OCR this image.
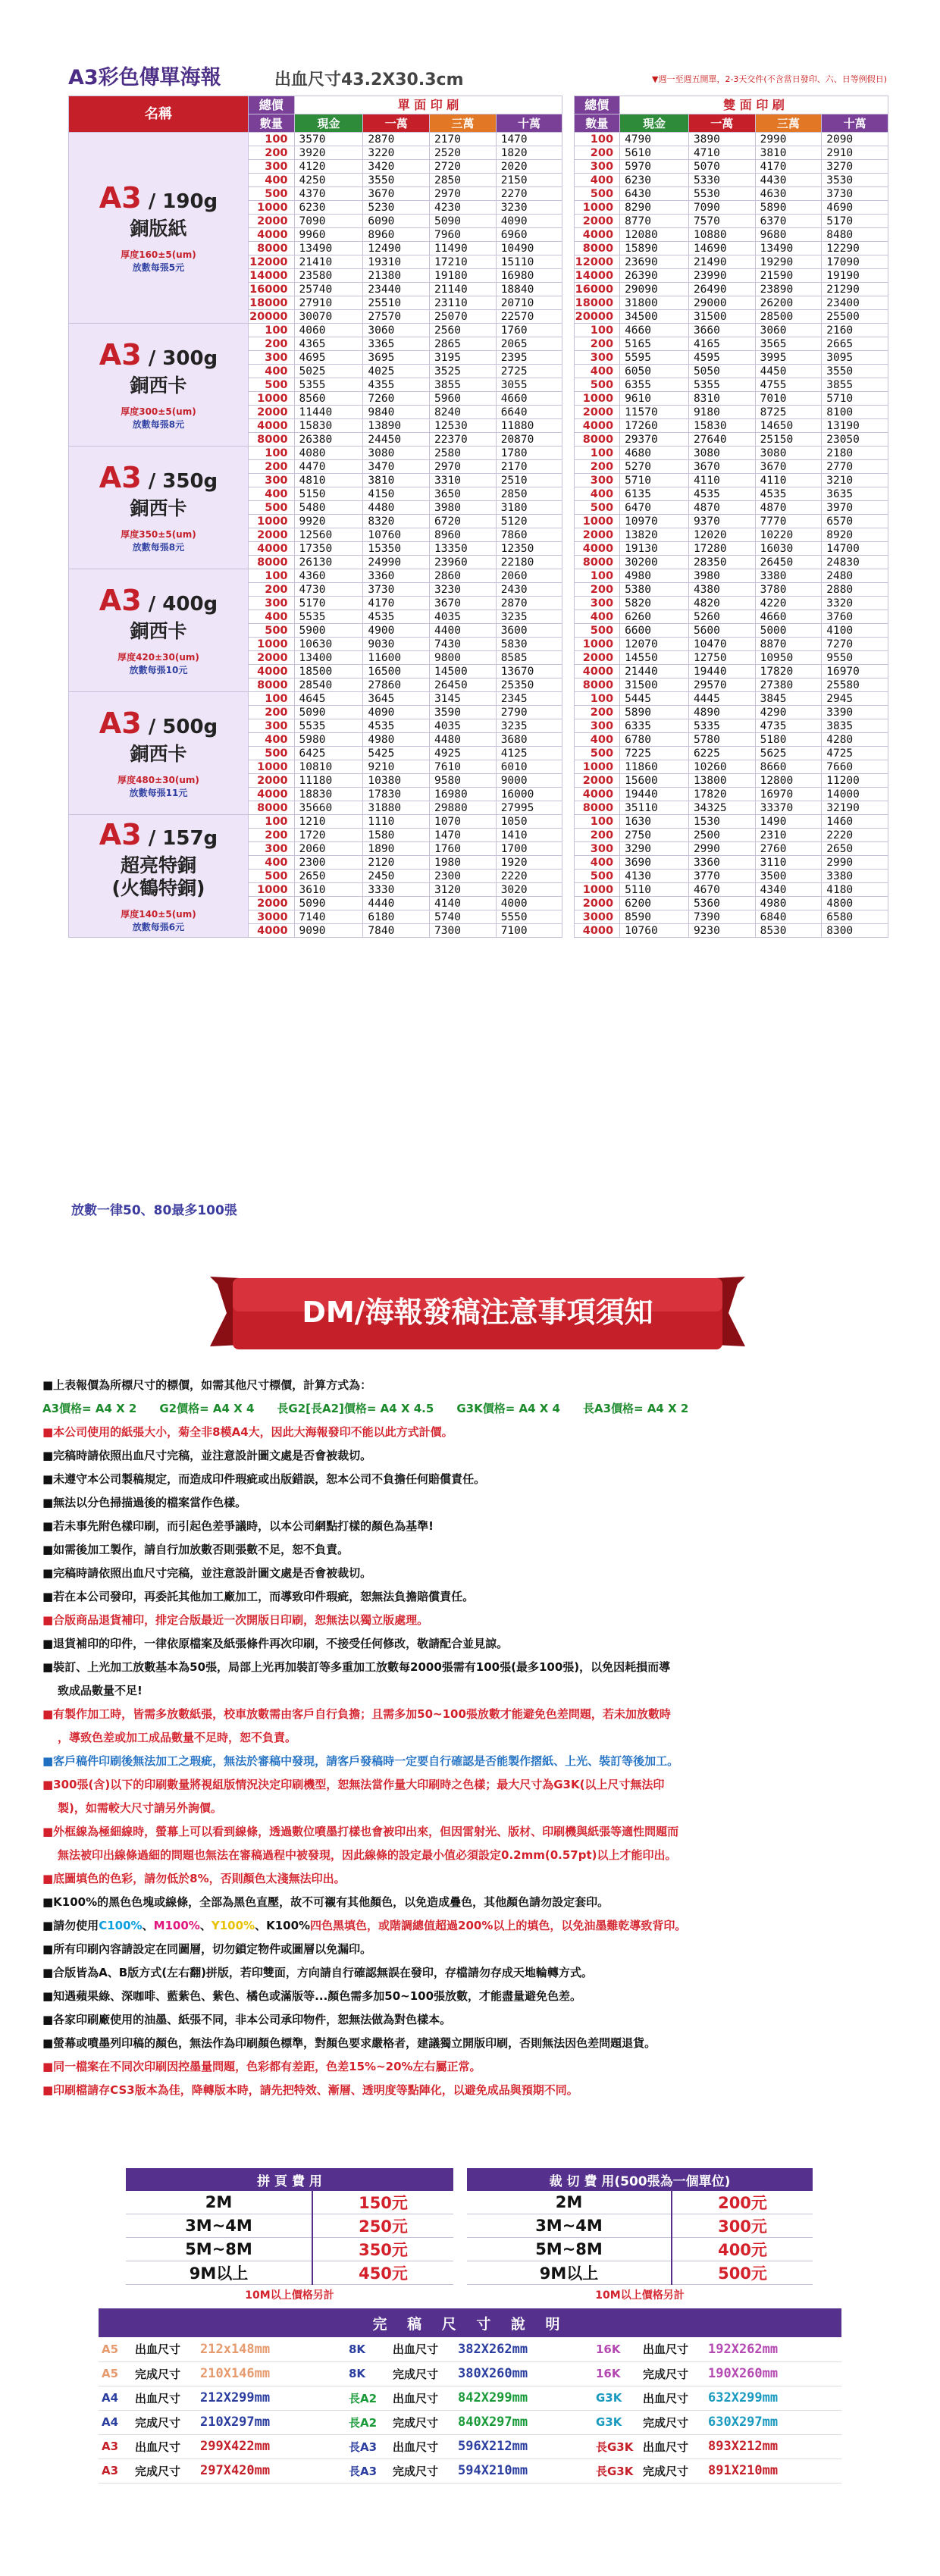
A3彩色傳單海報	出血尺寸43.2X30.3cm	▼週一至週五開單，2-3天交件(不含當日發印、六、日等例假日)
名稱	總價	單 面 印 刷					總價	雙 面 印 刷			
	數量	現金	一萬	三萬	十萬		數量	現金	一萬	三萬	十萬

A3 / 190g
銅版紙
厚度160±5(um)
放數每張5元	100	3570	2870	2170	1470		100	4790	3890	2990	2090
	200	3920	3220	2520	1820		200	5610	4710	3810	2910
	300	4120	3420	2720	2020		300	5970	5070	4170	3270
	400	4250	3550	2850	2150		400	6230	5330	4430	3530
	500	4370	3670	2970	2270		500	6430	5530	4630	3730
	1000	6230	5230	4230	3230		1000	8290	7090	5890	4690
	2000	7090	6090	5090	4090		2000	8770	7570	6370	5170
	4000	9960	8960	7960	6960		4000	12080	10880	9680	8480
	8000	13490	12490	11490	10490		8000	15890	14690	13490	12290
	12000	21410	19310	17210	15110		12000	23690	21490	19290	17090
	14000	23580	21380	19180	16980		14000	26390	23990	21590	19190
	16000	25740	23440	21140	18840		16000	29090	26490	23890	21290
	18000	27910	25510	23110	20710		18000	31800	29000	26200	23400
	20000	30070	27570	25070	22570		20000	34500	31500	28500	25500

A3 / 300g
銅西卡
厚度300±5(um)
放數每張8元	100	4060	3060	2560	1760		100	4660	3660	3060	2160
	200	4365	3365	2865	2065		200	5165	4165	3565	2665
	300	4695	3695	3195	2395		300	5595	4595	3995	3095
	400	5025	4025	3525	2725		400	6050	5050	4450	3550
	500	5355	4355	3855	3055		500	6355	5355	4755	3855
	1000	8560	7260	5960	4660		1000	9610	8310	7010	5710
	2000	11440	9840	8240	6640		2000	11570	9180	8725	8100
	4000	15830	13890	12530	11880		4000	17260	15830	14650	13190
	8000	26380	24450	22370	20870		8000	29370	27640	25150	23050

A3 / 350g
銅西卡
厚度350±5(um)
放數每張8元	100	4080	3080	2580	1780		100	4680	3080	3080	2180
	200	4470	3470	2970	2170		200	5270	3670	3670	2770
	300	4810	3810	3310	2510		300	5710	4110	4110	3210
	400	5150	4150	3650	2850		400	6135	4535	4535	3635
	500	5480	4480	3980	3180		500	6470	4870	4870	3970
	1000	9920	8320	6720	5120		1000	10970	9370	7770	6570
	2000	12560	10760	8960	7860		2000	13820	12020	10220	8920
	4000	17350	15350	13350	12350		4000	19130	17280	16030	14700
	8000	26130	24990	23960	22180		8000	30200	28350	26450	24830

A3 / 400g
銅西卡
厚度420±30(um)
放數每張10元	100	4360	3360	2860	2060		100	4980	3980	3380	2480
	200	4730	3730	3230	2430		200	5380	4380	3780	2880
	300	5170	4170	3670	2870		300	5820	4820	4220	3320
	400	5535	4535	4035	3235		400	6260	5260	4660	3760
	500	5900	4900	4400	3600		500	6600	5600	5000	4100
	1000	10630	9030	7430	5830		1000	12070	10470	8870	7270
	2000	13400	11600	9800	8585		2000	14550	12750	10950	9550
	4000	18500	16500	14500	13670		4000	21440	19440	17820	16970
	8000	28540	27860	26450	25350		8000	31500	29570	27380	25580

A3 / 500g
銅西卡
厚度480±30(um)
放數每張11元	100	4645	3645	3145	2345		100	5445	4445	3845	2945
	200	5090	4090	3590	2790		200	5890	4890	4290	3390
	300	5535	4535	4035	3235		300	6335	5335	4735	3835
	400	5980	4980	4480	3680		400	6780	5780	5180	4280
	500	6425	5425	4925	4125		500	7225	6225	5625	4725
	1000	10810	9210	7610	6010		1000	11860	10260	8660	7660
	2000	11180	10380	9580	9000		2000	15600	13800	12800	11200
	4000	18830	17830	16980	16000		4000	19440	17820	16970	14000
	8000	35660	31880	29880	27995		8000	35110	34325	33370	32190

A3 / 157g
超亮特銅
(火鶴特銅)
厚度140±5(um)
放數每張6元	100	1210	1110	1070	1050		100	1630	1530	1490	1460
	200	1720	1580	1470	1410		200	2750	2500	2310	2220
	300	2060	1890	1760	1700		300	3290	2990	2760	2650
	400	2300	2120	1980	1920		400	3690	3360	3110	2990
	500	2650	2450	2300	2220		500	4130	3770	3500	3380
	1000	3610	3330	3120	3020		1000	5110	4670	4340	4180
	2000	5090	4440	4140	4000		2000	6200	5360	4980	4800
	3000	7140	6180	5740	5550		3000	8590	7390	6840	6580
	4000	9090	7840	7300	7100		4000	10760	9230	8530	8300
放數一律50、80最多100張
DM/海報發稿注意事項須知
■上表報價為所標尺寸的標價，如需其他尺寸標價，計算方式為：
A3價格= A4 X 2 G2價格= A4 X 4 長G2[長A2]價格= A4 X 4.5 G3K價格= A4 X 4 長A3價格= A4 X 2
■本公司使用的紙張大小，菊全非8模A4大，因此大海報發印不能以此方式計價。
■完稿時請依照出血尺寸完稿，並注意設計圖文處是否會被裁切。
■未遵守本公司製稿規定，而造成印件瑕疵或出版錯誤，恕本公司不負擔任何賠償責任。
■無法以分色掃描過後的檔案當作色樣。
■若未事先附色樣印刷，而引起色差爭議時，以本公司網點打樣的顏色為基準!
■如需後加工製作，請自行加放數否則張數不足，恕不負責。
■完稿時請依照出血尺寸完稿，並注意設計圖文處是否會被裁切。
■若在本公司發印，再委託其他加工廠加工，而導致印件瑕疵，恕無法負擔賠償責任。
■合版商品退貨補印，排定合版最近一次開版日印刷，恕無法以獨立版處理。
■退貨補印的印件，一律依原檔案及紙張條件再次印刷，不接受任何修改，敬請配合並見諒。
■裝訂、上光加工放數基本為50張，局部上光再加裝訂等多重加工放數每2000張需有100張(最多100張)，以免因耗損而導
致成品數量不足!
■有製作加工時，皆需多放數紙張，校車放數需由客戶自行負擔；且需多加50~100張放數才能避免色差問題，若未加放數時
，導致色差或加工成品數量不足時，恕不負責。
■客戶稿件印刷後無法加工之瑕疵，無法於審稿中發現，請客戶發稿時一定要自行確認是否能製作摺紙、上光、裝訂等後加工。
■300張(含)以下的印刷數量將視組版情況決定印刷機型，恕無法當作量大印刷時之色樣；最大尺寸為G3K(以上尺寸無法印
製)，如需較大尺寸請另外詢價。
■外框線為極細線時，螢幕上可以看到線條，透過數位噴墨打樣也會被印出來，但因雷射光、版材、印刷機與紙張等適性問題而
無法被印出線條過細的問題也無法在審稿過程中被發現，因此線條的設定最小值必須設定0.2mm(0.57pt)以上才能印出。
■底圖填色的色彩，請勿低於8%，否則顏色太淺無法印出。
■K100%的黑色色塊或線條，全部為黑色直壓，故不可襯有其他顏色，以免造成疊色，其他顏色請勿設定套印。
■請勿使用C100%、M100%、Y100%、K100%四色黑填色，或階調總值超過200%以上的填色，以免油墨難乾導致背印。
■所有印刷內容請設定在同圖層，切勿鎖定物件或圖層以免漏印。
■合版皆為A、B版方式(左右翻)拼版，若印雙面，方向請自行確認無誤在發印，存檔請勿存成天地輪轉方式。
■知遇蘋果綠、深咖啡、藍紫色、紫色、橘色或滿版等...顏色需多加50~100張放數，才能盡量避免色差。
■各家印刷廠使用的油墨、紙張不同，非本公司承印物件，恕無法做為對色樣本。
■螢幕或噴墨列印稿的顏色，無法作為印刷顏色標準，對顏色要求嚴格者，建議獨立開版印刷，否則無法因色差問題退貨。
■同一檔案在不同次印刷因控墨量問題，色彩都有差距，色差15%~20%左右屬正常。
■印刷檔請存CS3版本為佳，降轉版本時，請先把特效、漸層、透明度等點陣化，以避免成品與預期不同。
拼 頁 費 用	
2M	150元
3M~4M	250元
5M~8M	350元
9M以上	450元
10M以上價格另計	
裁 切 費 用(500張為一個單位)	
2M	200元
3M~4M	300元
5M~8M	400元
9M以上	500元
10M以上價格另計	
完 稿 尺 寸 說 明								
A5	出血尺寸	212x148mm	8K	出血尺寸	382X262mm	16K	出血尺寸	192X262mm
A5	完成尺寸	210X146mm	8K	完成尺寸	380X260mm	16K	完成尺寸	190X260mm
A4	出血尺寸	212X299mm	長A2	出血尺寸	842X299mm	G3K	出血尺寸	632X299mm
A4	完成尺寸	210X297mm	長A2	完成尺寸	840X297mm	G3K	完成尺寸	630X297mm
A3	出血尺寸	299X422mm	長A3	出血尺寸	596X212mm	長G3K	出血尺寸	893X212mm
A3	完成尺寸	297X420mm	長A3	完成尺寸	594X210mm	長G3K	完成尺寸	891X210mm
